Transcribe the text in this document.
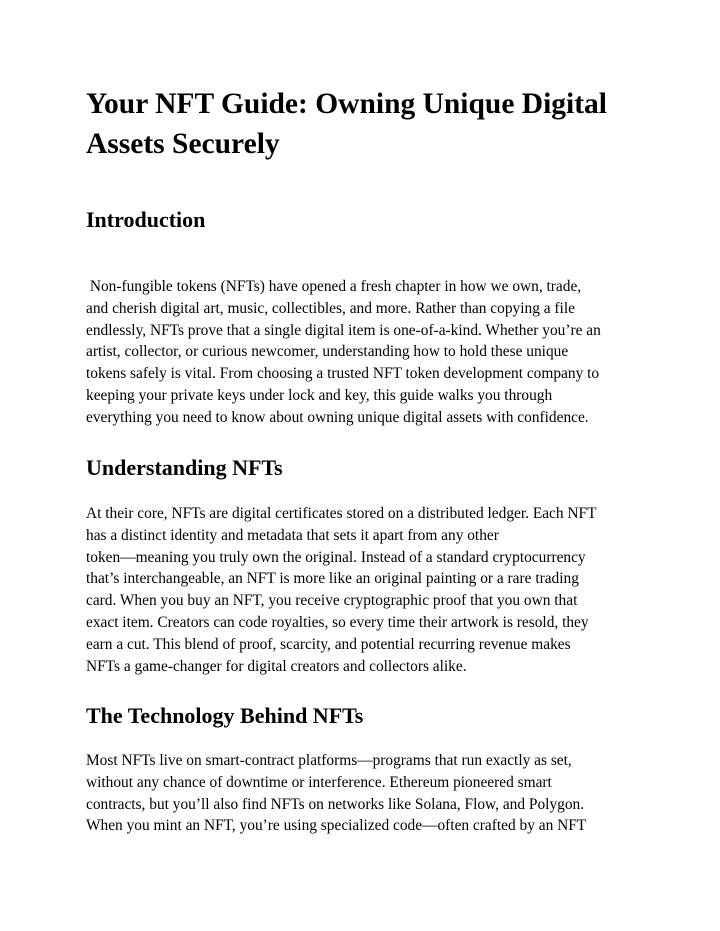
Your NFT Guide: Owning Unique Digital
Assets Securely
Introduction

Non-fungible tokens (NFTs) have opened a fresh chapter in how we own, trade,
and cherish digital art, music, collectibles, and more. Rather than copying a file
endlessly, NFTs prove that a single digital item is one-of-a-kind. Whether you’re an
artist, collector, or curious newcomer, understanding how to hold these unique
tokens safely is vital. From choosing a trusted NFT token development company to
keeping your private keys under lock and key, this guide walks you through
everything you need to know about owning unique digital assets with confidence.

Understanding NFTs

At their core, NFTs are digital certificates stored on a distributed ledger. Each NFT
has a distinct identity and metadata that sets it apart from any other
token—meaning you truly own the original. Instead of a standard cryptocurrency
that’s interchangeable, an NFT is more like an original painting or a rare trading
card. When you buy an NFT, you receive cryptographic proof that you own that
exact item. Creators can code royalties, so every time their artwork is resold, they
earn a cut. This blend of proof, scarcity, and potential recurring revenue makes
NFTs a game-changer for digital creators and collectors alike.

The Technology Behind NFTs

Most NFTs live on smart-contract platforms—programs that run exactly as set,
without any chance of downtime or interference. Ethereum pioneered smart
contracts, but you’ll also find NFTs on networks like Solana, Flow, and Polygon.
When you mint an NFT, you’re using specialized code—often crafted by an NFT
